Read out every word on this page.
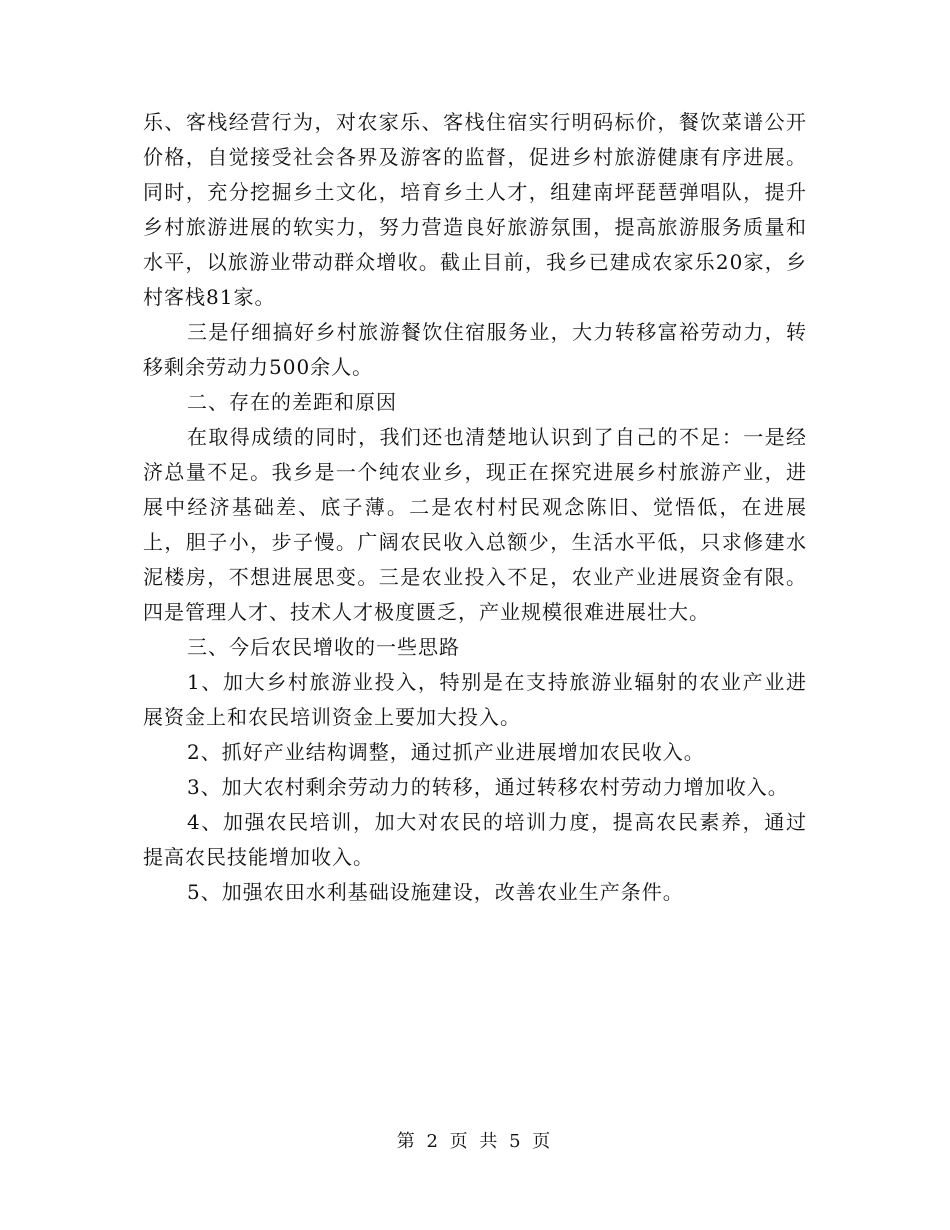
乐、客栈经营行为，对农家乐、客栈住宿实行明码标价，餐饮菜谱公开价格，自觉接受社会各界及游客的监督，促进乡村旅游健康有序进展。同时，充分挖掘乡土文化，培育乡土人才，组建南坪琵琶弹唱队，提升乡村旅游进展的软实力，努力营造良好旅游氛围，提高旅游服务质量和水平，以旅游业带动群众增收。截止目前，我乡已建成农家乐20家，乡村客栈81家。

三是仔细搞好乡村旅游餐饮住宿服务业，大力转移富裕劳动力，转移剩余劳动力500余人。

二、存在的差距和原因

在取得成绩的同时，我们还也清楚地认识到了自己的不足：一是经济总量不足。我乡是一个纯农业乡，现正在探究进展乡村旅游产业，进展中经济基础差、底子薄。二是农村村民观念陈旧、觉悟低，在进展上，胆子小，步子慢。广阔农民收入总额少，生活水平低，只求修建水泥楼房，不想进展思变。三是农业投入不足，农业产业进展资金有限。四是管理人才、技术人才极度匮乏，产业规模很难进展壮大。

三、今后农民增收的一些思路

1、加大乡村旅游业投入，特别是在支持旅游业辐射的农业产业进展资金上和农民培训资金上要加大投入。

2、抓好产业结构调整，通过抓产业进展增加农民收入。

3、加大农村剩余劳动力的转移，通过转移农村劳动力增加收入。

4、加强农民培训，加大对农民的培训力度，提高农民素养，通过提高农民技能增加收入。

5、加强农田水利基础设施建设，改善农业生产条件。

第 2 页 共 5 页
